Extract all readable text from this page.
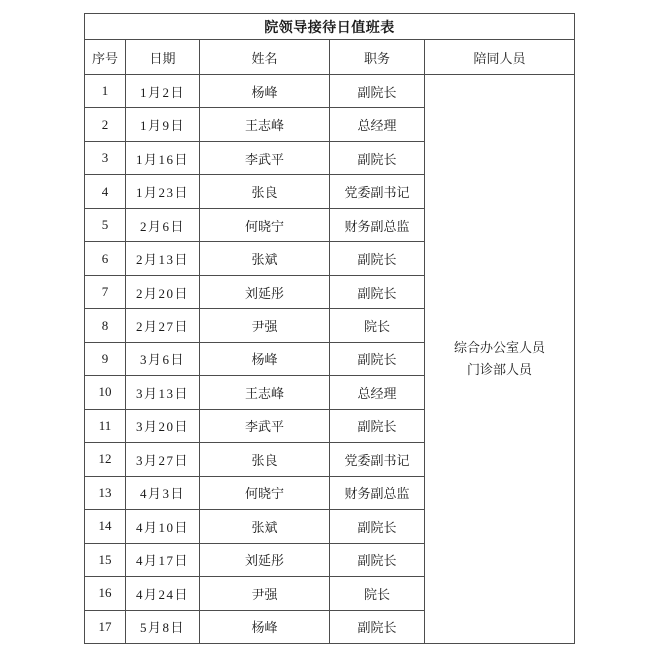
院领导接待日值班表				
序号	日期	姓名	职务	陪同人员
1	1月2日	杨峰	副院长	综合办公室人员
门诊部人员

2	1月9日	王志峰	总经理	
3	1月16日	李武平	副院长	
4	1月23日	张良	党委副书记	
5	2月6日	何晓宁	财务副总监	
6	2月13日	张斌	副院长	
7	2月20日	刘延彤	副院长	
8	2月27日	尹强	院长	
9	3月6日	杨峰	副院长	
10	3月13日	王志峰	总经理	
11	3月20日	李武平	副院长	
12	3月27日	张良	党委副书记	
13	4月3日	何晓宁	财务副总监	
14	4月10日	张斌	副院长	
15	4月17日	刘延彤	副院长	
16	4月24日	尹强	院长	
17	5月8日	杨峰	副院长	
